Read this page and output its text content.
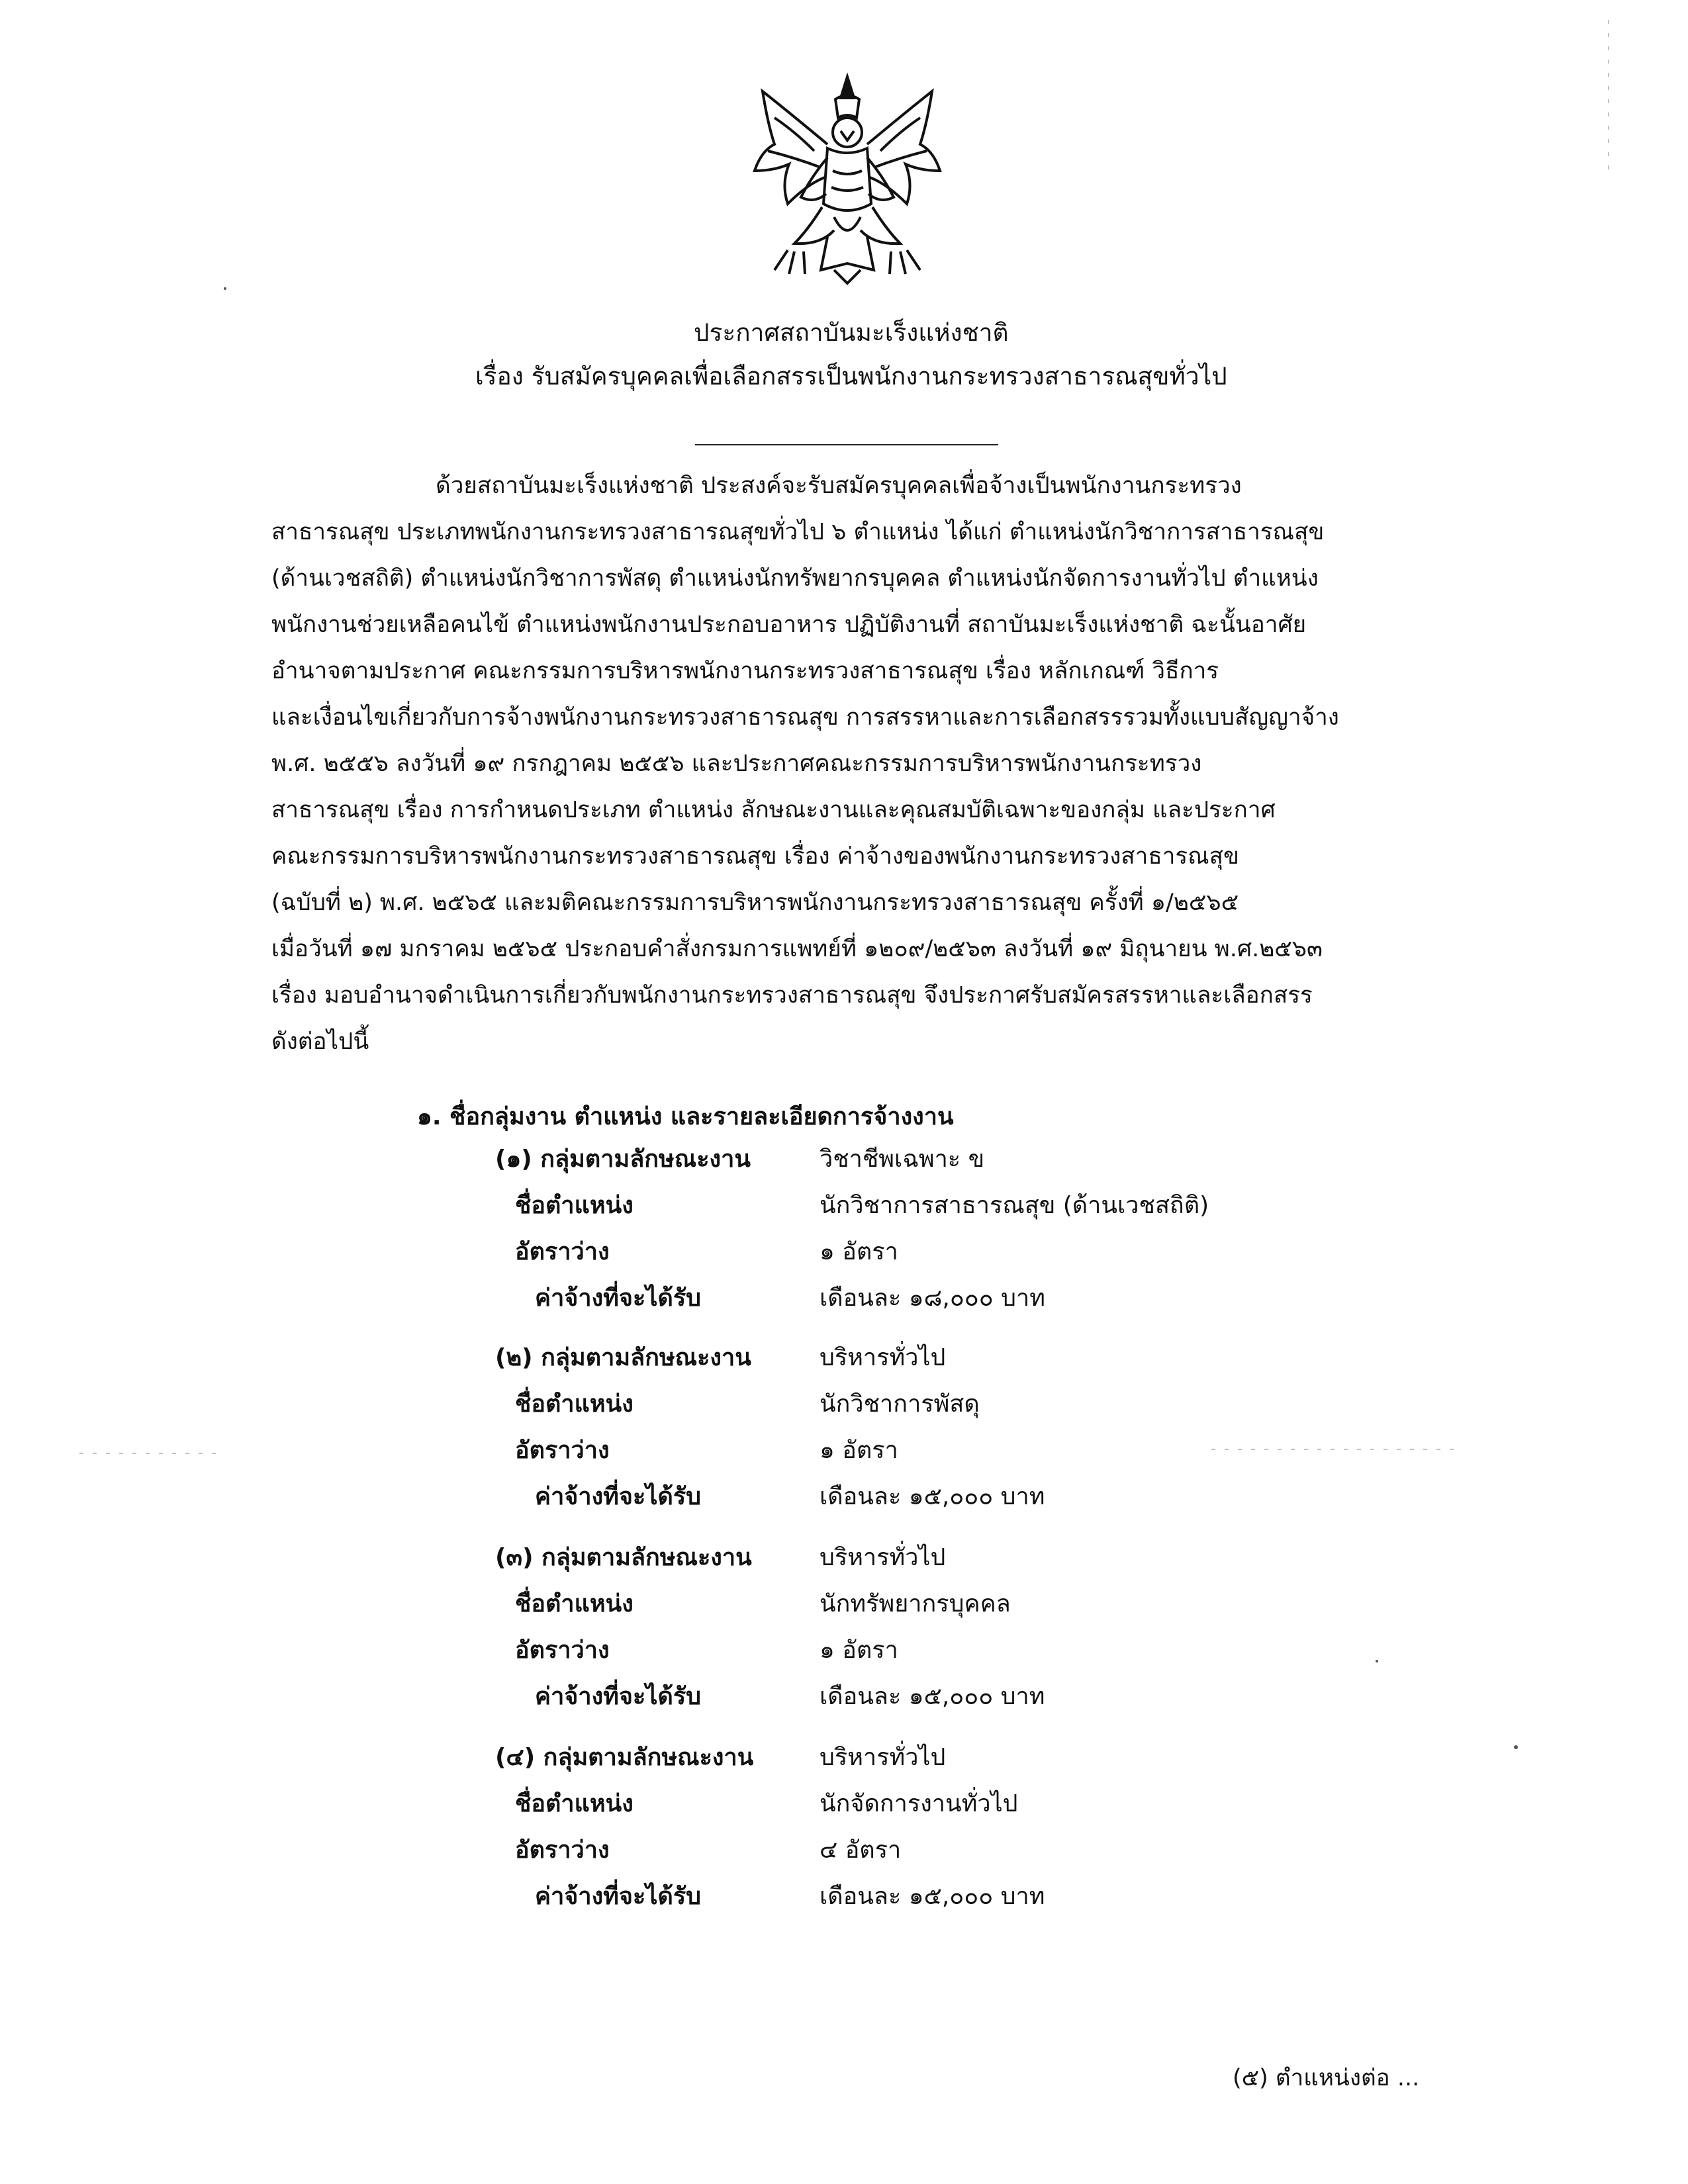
ประกาศสถาบันมะเร็งแห่งชาติ
เรื่อง รับสมัครบุคคลเพื่อเลือกสรรเป็นพนักงานกระทรวงสาธารณสุขทั่วไป
ด้วยสถาบันมะเร็งแห่งชาติ ประสงค์จะรับสมัครบุคคลเพื่อจ้างเป็นพนักงานกระทรวง
สาธารณสุข ประเภทพนักงานกระทรวงสาธารณสุขทั่วไป ๖ ตำแหน่ง ได้แก่ ตำแหน่งนักวิชาการสาธารณสุข
(ด้านเวชสถิติ) ตำแหน่งนักวิชาการพัสดุ ตำแหน่งนักทรัพยากรบุคคล ตำแหน่งนักจัดการงานทั่วไป ตำแหน่ง
พนักงานช่วยเหลือคนไข้ ตำแหน่งพนักงานประกอบอาหาร ปฏิบัติงานที่ สถาบันมะเร็งแห่งชาติ ฉะนั้นอาศัย
อำนาจตามประกาศ คณะกรรมการบริหารพนักงานกระทรวงสาธารณสุข เรื่อง หลักเกณฑ์ วิธีการ
และเงื่อนไขเกี่ยวกับการจ้างพนักงานกระทรวงสาธารณสุข การสรรหาและการเลือกสรรรวมทั้งแบบสัญญาจ้าง
พ.ศ. ๒๕๕๖ ลงวันที่ ๑๙ กรกฎาคม ๒๕๕๖ และประกาศคณะกรรมการบริหารพนักงานกระทรวง
สาธารณสุข เรื่อง การกำหนดประเภท ตำแหน่ง ลักษณะงานและคุณสมบัติเฉพาะของกลุ่ม และประกาศ
คณะกรรมการบริหารพนักงานกระทรวงสาธารณสุข เรื่อง ค่าจ้างของพนักงานกระทรวงสาธารณสุข
(ฉบับที่ ๒) พ.ศ. ๒๕๖๕ และมติคณะกรรมการบริหารพนักงานกระทรวงสาธารณสุข ครั้งที่ ๑/๒๕๖๕
เมื่อวันที่ ๑๗ มกราคม ๒๕๖๕ ประกอบคำสั่งกรมการแพทย์ที่ ๑๒๐๙/๒๕๖๓ ลงวันที่ ๑๙ มิถุนายน พ.ศ.๒๕๖๓
เรื่อง มอบอำนาจดำเนินการเกี่ยวกับพนักงานกระทรวงสาธารณสุข จึงประกาศรับสมัครสรรหาและเลือกสรร
ดังต่อไปนี้
๑. ชื่อกลุ่มงาน ตำแหน่ง และรายละเอียดการจ้างงาน
(๑) กลุ่มตามลักษณะงาน	วิชาชีพเฉพาะ ข
ชื่อตำแหน่ง	นักวิชาการสาธารณสุข (ด้านเวชสถิติ)
อัตราว่าง	๑ อัตรา
ค่าจ้างที่จะได้รับ	เดือนละ ๑๘,๐๐๐ บาท
(๒) กลุ่มตามลักษณะงาน	บริหารทั่วไป
ชื่อตำแหน่ง	นักวิชาการพัสดุ
อัตราว่าง	๑ อัตรา
ค่าจ้างที่จะได้รับ	เดือนละ ๑๕,๐๐๐ บาท
(๓) กลุ่มตามลักษณะงาน	บริหารทั่วไป
ชื่อตำแหน่ง	นักทรัพยากรบุคคล
อัตราว่าง	๑ อัตรา
ค่าจ้างที่จะได้รับ	เดือนละ ๑๕,๐๐๐ บาท
(๔) กลุ่มตามลักษณะงาน	บริหารทั่วไป
ชื่อตำแหน่ง	นักจัดการงานทั่วไป
อัตราว่าง	๔ อัตรา
ค่าจ้างที่จะได้รับ	เดือนละ ๑๕,๐๐๐ บาท
(๕) ตำแหน่งต่อ ...
